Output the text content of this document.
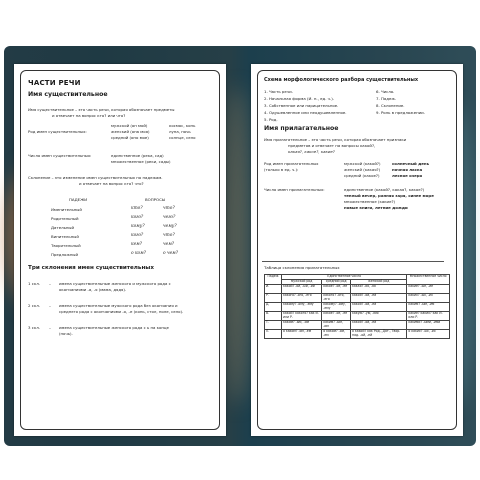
ЧАСТИ РЕЧИ
Имя существительное
Имя существительное – это часть речи, которая обозначает предметы
и отвечает на вопрос кто? или что?
Род имен существительных:
мужской (он мой)	космос, конь
женский (она моя)	луна, ночь
средний (оно мое)	солнце, село
Число имен существительных:	единственное (река, сад)
множественное (реки, сады)
Склонение – это изменение имен существительных по падежам.
и отвечает на вопрос кто? что?
ПАДЕЖИ	ВОПРОСЫ
Именительный	кто?	что?
Родительный	кого?	чего?
Дательный	кому?	чему?
Винительный	кого?	что?
Творительный	кем?	чем?
Предложный	о ком?	о чем?
Три склонения имен существительных
1 скл. – имена существительные женского и мужского рода с
окончаниями -а, -я (мама, дядя).
2 скл. – имена существительные мужского рода без окончания и
среднего рода с окончаниями -о, -е (конь, стол, поле, село).
3 скл. – имена существительные женского рода с ь на конце
(ночь).
Схема морфологического разбора существительных
1. Часть речи.
2. Начальная форма (И. п., ед. ч.).
3. Собственное или нарицательное.
4. Одушевленное или неодушевленное.
5. Род.
6. Число.
7. Падеж.
8. Склонение.
9. Роль в предложении.
Имя прилагательное
Имя прилагательное – это часть речи, которая обозначает признаки
предметов и отвечает на вопросы какой?,
какая?, какое?, какие?
Род имен прилагательных
(только в ед. ч.):
мужской (какой?)	солнечный день
женский (какая?)	ночная ласка
средний (какое?)	лесное озеро
Число имен прилагательных:	единственное (какой?, какая?, какое?)
теплый вечер, ранняя заря, синее море
множественное (какие?)
новые книги, летние дожди
Таблица склонения прилагательных
Падеж	Единственное число			Множественное число
	мужской род	средний род	женский род	
И.	какой? -ой, -ый, -ий	какое? -ое, -ее	какая? -ая, -яя	какие? -ые, -ие
Р.	какого? -ого, -его	какого? -ого, -его	какой? -ой, -ей	каких? -ых, -их
Д.	какому? -ому, -ему	какому? -ому, -ему	какой? -ой, -ей	каким? -ым, -им
В.	какой? какого? как И. или Р.	какое? -ое, -ее	какую? -ую, -юю	какие? каких? как И. или Р.
Т.	каким? -ым, -им	каким? -ым, -им	какой? -ой, -ей	какими? -ыми, -ими
П.	о каком? -ом, -ем	о каком? -ом, -ем	о какой? как Род., Дат., Твор. пад. -ой, -ей	о каких? -ых, -их
